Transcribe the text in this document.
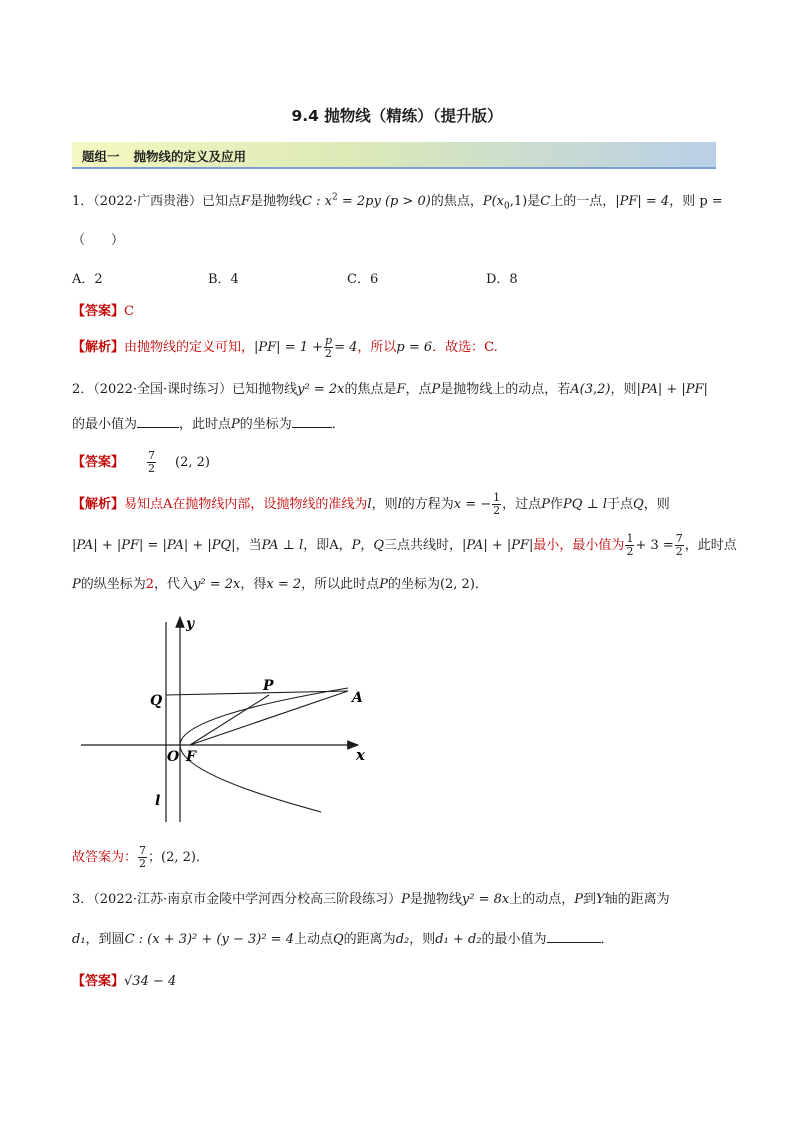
9.4 抛物线（精练）（提升版）
题组一 抛物线的定义及应用
1．（2022·广西贵港）已知点F是抛物线C : $x^2 = 2py$ (p > 0)的焦点，$P(x_0,1)$是C上的一点，|PF| = 4，则 p =
（　　）
A．2	B．4	C．6	D．8
【答案】C
【解析】由抛物线的定义可知，$|PF| = 1 + \frac{p}{2} = 4$，所以p = 6．故选：C.
2．（2022·全国·课时练习）已知抛物线y² = 2x的焦点是F，点P是抛物线上的动点，若A(3,2)，则|PA| + |PF|
的最小值为	，此时点P的坐标为	．
【答案】 $\frac{7}{2} (2$, 2)
【解析】易知点A在抛物线内部，设抛物线的准线为l，则l的方程为x = − $\frac{1}{2}$ ，过点P作PQ ⊥ l于点Q，则
|PA| + |PF| = |PA| + |PQ|，当PA ⊥ l，即A，P，Q三点共线时，|PA| + |PF|最小，最小值为 $\frac{1}{2} + 3 = \frac{7}{2}$ ，此时点
P的纵坐标为2，代入y² = 2x，得x = 2，所以此时点P的坐标为(2, 2)．
y
x
Q
P
A
O F
l
故答案为： $\frac{7}{2}$ ；(2, 2)．
3．（2022·江苏·南京市金陵中学河西分校高三阶段练习）P是抛物线y² = 8x上的动点，P到Y轴的距离为
d₁，到圆C : (x + 3)² + (y − 3)² = 4上动点Q的距离为d₂，则d₁ + d₂的最小值为	．
【答案】√34 − 4
